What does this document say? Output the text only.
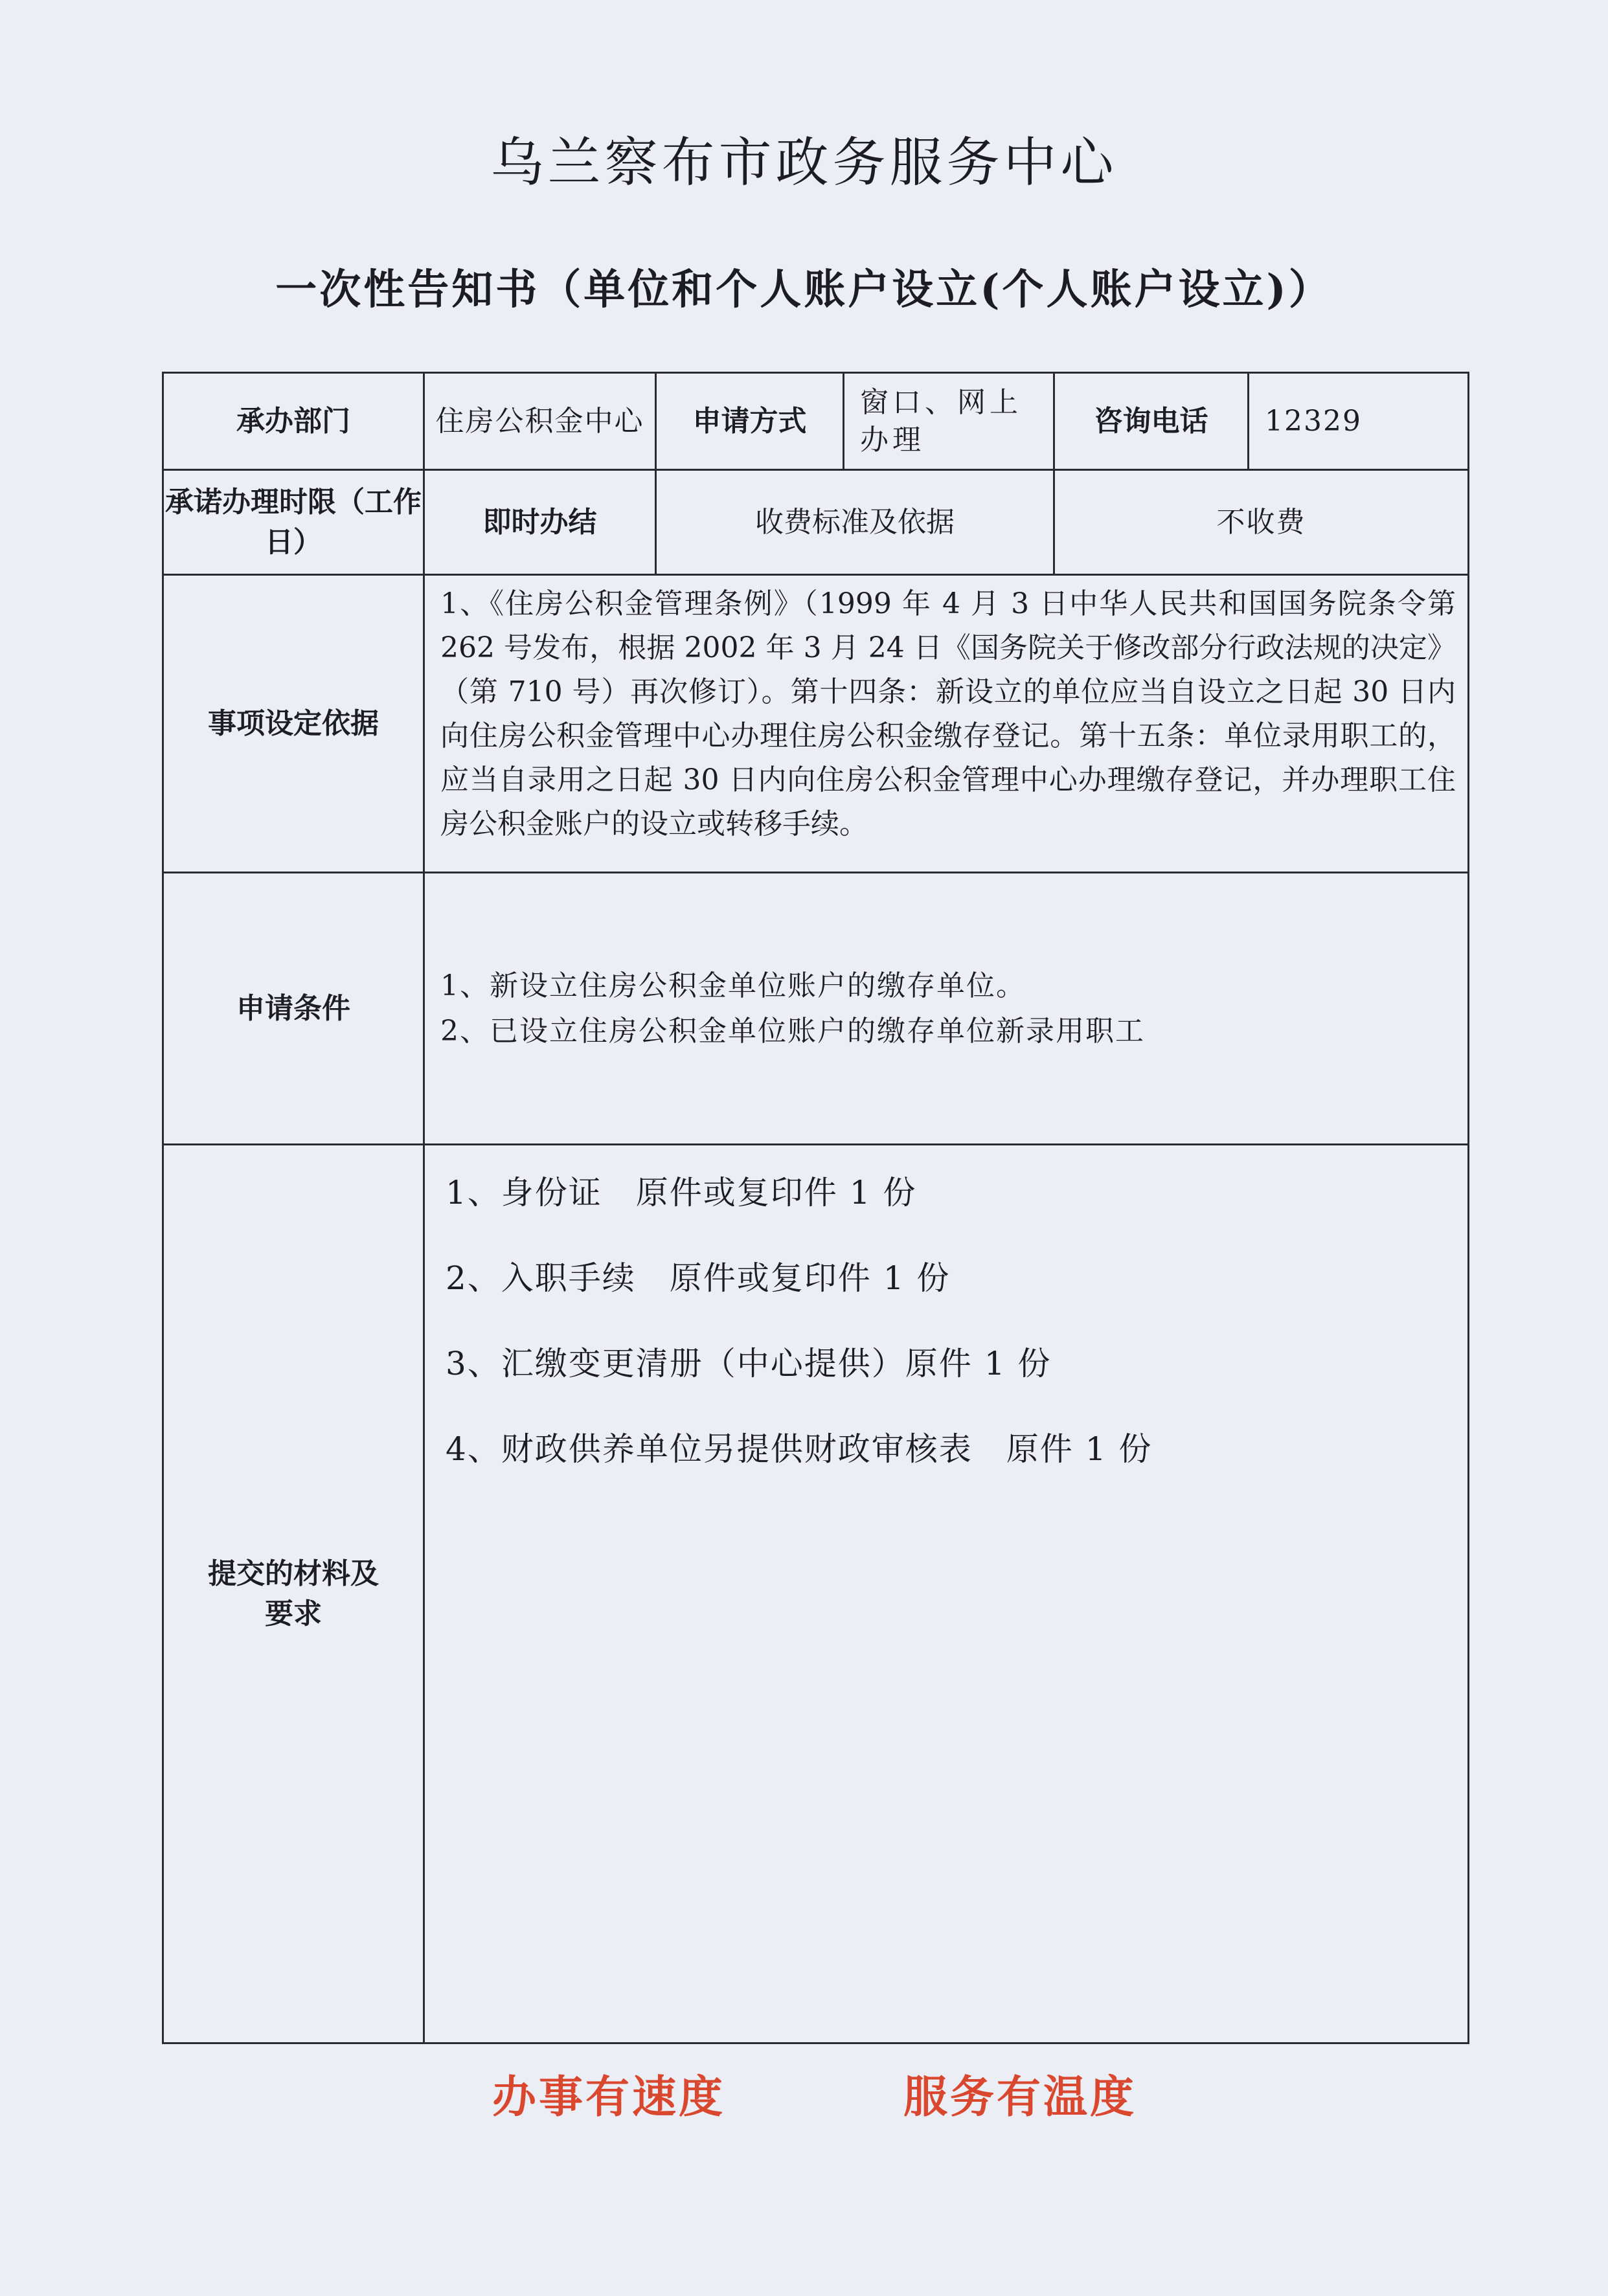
乌兰察布市政务服务中心
一次性告知书（单位和个人账户设立(个人账户设立)）
承办部门	住房公积金中心	申请方式	窗口、网上办理	咨询电话	12329
承诺办理时限（工作日）	即时办结	收费标准及依据		不收费	
事项设定依据	1、《住房公积金管理条例》（1999 年 4 月 3 日中华人民共和国国务院条令第 262 号发布，根据 2002 年 3 月 24 日《国务院关于修改部分行政法规的决定》（第 710 号）再次修订）。第十四条：新设立的单位应当自设立之日起 30 日内向住房公积金管理中心办理住房公积金缴存登记。第十五条：单位录用职工的，应当自录用之日起 30 日内向住房公积金管理中心办理缴存登记，并办理职工住房公积金账户的设立或转移手续。				
申请条件	1、新设立住房公积金单位账户的缴存单位。
2、已设立住房公积金单位账户的缴存单位新录用职工				

提交的材料及要求	1、身份证　原件或复印件 1 份
2、入职手续　原件或复印件 1 份
3、汇缴变更清册（中心提供）原件 1 份
4、财政供养单位另提供财政审核表　原件 1 份				
办事有速度	服务有温度
